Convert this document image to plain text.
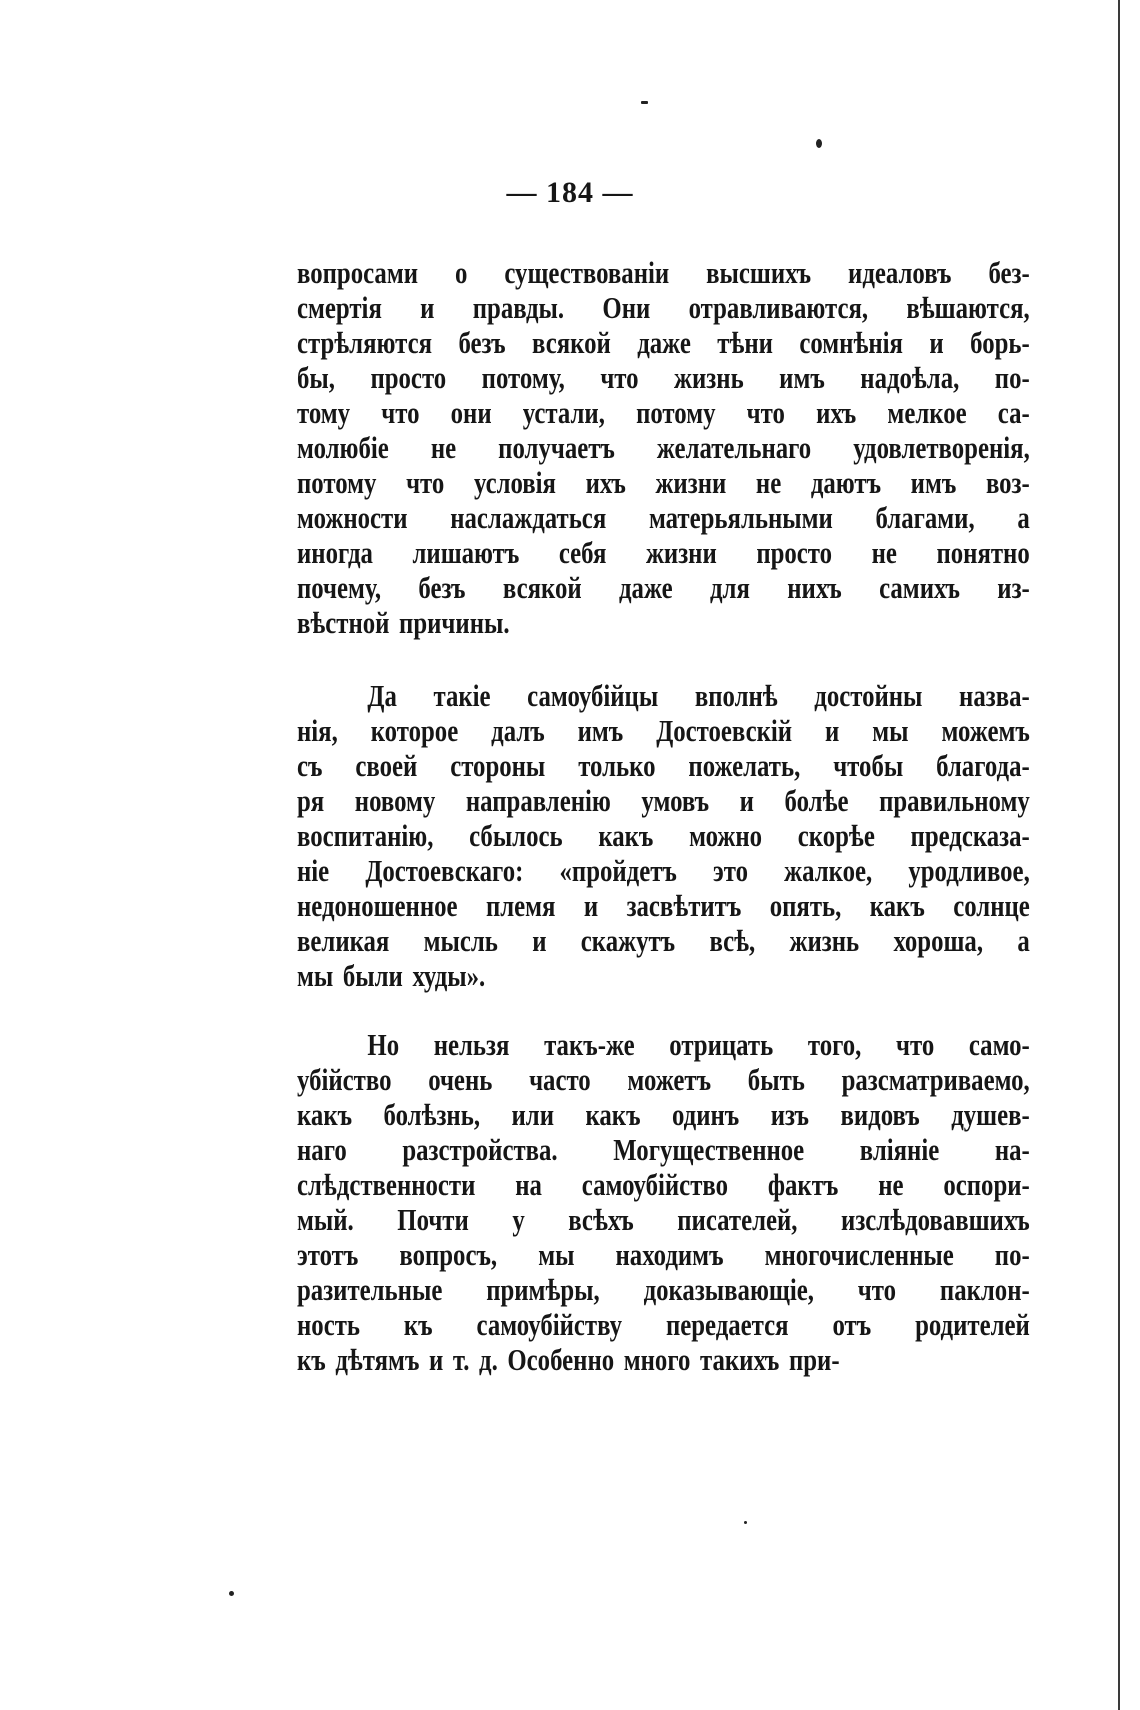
— 184 —
вопросами о существованіи высшихъ идеаловъ без-
смертія и правды. Они отравливаются, вѣшаются,
стрѣляются безъ всякой даже тѣни сомнѣнія и борь-
бы, просто потому, что жизнь имъ надоѣла, по-
тому что они устали, потому что ихъ мелкое са-
молюбіе не получаетъ желательнаго удовлетворенія,
потому что условія ихъ жизни не даютъ имъ воз-
можности наслаждаться матерьяльными благами, а
иногда лишаютъ себя жизни просто не понятно
почему, безъ всякой даже для нихъ самихъ из-
вѣстной причины.
Да такіе самоубійцы вполнѣ достойны назва-
нія, которое далъ имъ Достоевскій и мы можемъ
съ своей стороны только пожелать, чтобы благода-
ря новому направленію умовъ и болѣе правильному
воспитанію, сбылось какъ можно скорѣе предсказа-
ніе Достоевскаго: «пройдетъ это жалкое, уродливое,
недоношенное племя и засвѣтитъ опять, какъ солнце
великая мысль и скажутъ всѣ, жизнь хороша, а
мы были худы».
Но нельзя такъ-же отрицать того, что само-
убійство очень часто можетъ быть разсматриваемо,
какъ болѣзнь, или какъ одинъ изъ видовъ душев-
наго разстройства. Могущественное вліяніе на-
слѣдственности на самоубійство фактъ не оспори-
мый. Почти у всѣхъ писателей, изслѣдовавшихъ
этотъ вопросъ, мы находимъ многочисленные по-
разительные примѣры, доказывающіе, что паклон-
ность къ самоубійству передается отъ родителей
къ дѣтямъ и т. д. Особенно много такихъ при-
